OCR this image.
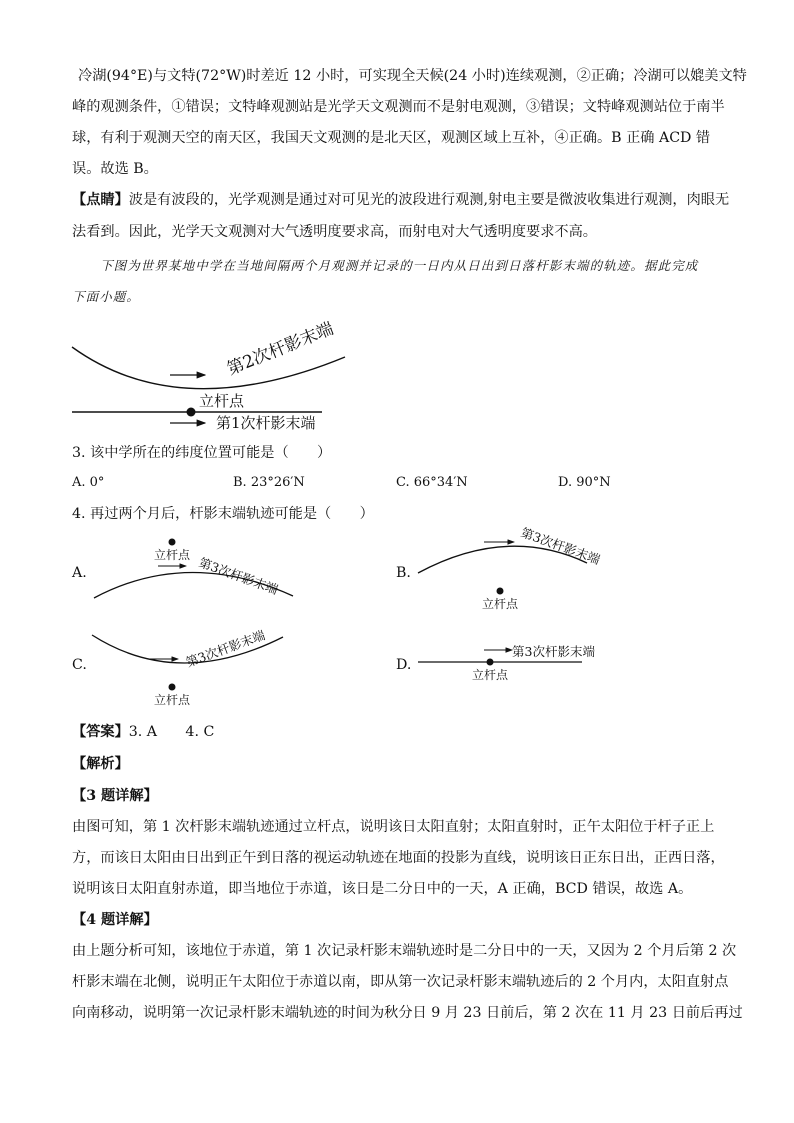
冷湖(94°E)与文特(72°W)时差近 12 小时，可实现全天候(24 小时)连续观测，②正确；冷湖可以媲美文特
峰的观测条件，①错误；文特峰观测站是光学天文观测而不是射电观测，③错误；文特峰观测站位于南半
球，有利于观测天空的南天区，我国天文观测的是北天区，观测区域上互补，④正确。B 正确 ACD 错
误。故选 B。
【点睛】波是有波段的，光学观测是通过对可见光的波段进行观测,射电主要是微波收集进行观测，肉眼无
法看到。因此，光学天文观测对大气透明度要求高，而射电对大气透明度要求不高。
下图为世界某地中学在当地间隔两个月观测并记录的一日内从日出到日落杆影末端的轨迹。据此完成
下面小题。
第2次杆影末端
立杆点
第1次杆影末端
3. 该中学所在的纬度位置可能是（　　）
A. 0°	B. 23°26′N	C. 66°34′N	D. 90°N
4. 再过两个月后，杆影末端轨迹可能是（　　）
A.
立杆点 第3次杆影末端	B.
第3次杆影末端
立杆点
C.	第3次杆影末端
立杆点
D.
第3次杆影末端
立杆点
【答案】3. A　　4. C
【解析】
【3 题详解】
由图可知，第 1 次杆影末端轨迹通过立杆点，说明该日太阳直射；太阳直射时，正午太阳位于杆子正上
方，而该日太阳由日出到正午到日落的视运动轨迹在地面的投影为直线，说明该日正东日出，正西日落，
说明该日太阳直射赤道，即当地位于赤道，该日是二分日中的一天，A 正确，BCD 错误，故选 A。
【4 题详解】
由上题分析可知，该地位于赤道，第 1 次记录杆影末端轨迹时是二分日中的一天，又因为 2 个月后第 2 次
杆影末端在北侧，说明正午太阳位于赤道以南，即从第一次记录杆影末端轨迹后的 2 个月内，太阳直射点
向南移动，说明第一次记录杆影末端轨迹的时间为秋分日 9 月 23 日前后，第 2 次在 11 月 23 日前后再过
